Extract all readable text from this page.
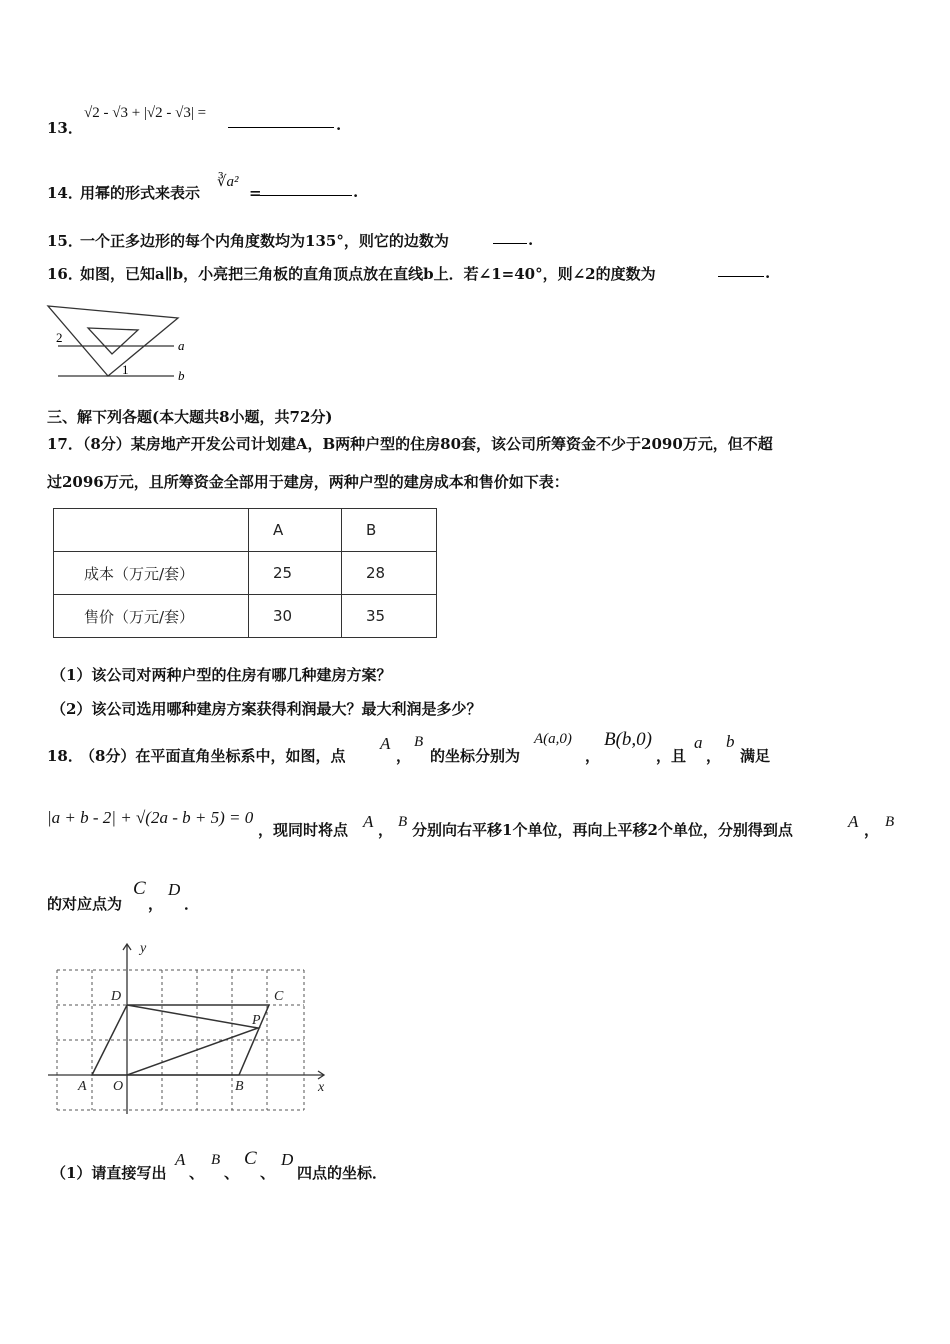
13．
√2 - √3 + |√2 - √3| =
.
14．
用幂的形式来表示
∛a²
=	.
15．
一个正多边形的每个内角度数均为135°，则它的边数为	.
16．
如图，已知a∥b，小亮把三角板的直角顶点放在直线b上．若∠1=40°，则∠2的度数为	.
2
1
a
b
三、解下列各题(本大题共8小题，共72分)
17．（8分）某房地产开发公司计划建A，B两种户型的住房80套，该公司所筹资金不少于2090万元，但不超
过2096万元，且所筹资金全部用于建房，两种户型的建房成本和售价如下表：
	A	B
成本（万元/套）	25	28
售价（万元/套）	30	35
（1）该公司对两种户型的住房有哪几种建房方案？
（2）该公司选用哪种建房方案获得利润最大？最大利润是多少？
18．
（8分）在平面直角坐标系中，如图，点
A
，
B
的坐标分别为
A(a,0)
，
B(b,0)
，且
a
，
b
满足
|a + b - 2| + √(2a - b + 5) = 0
，现同时将点 A ， B 分别向右平移1个单位，再向上平移2个单位，分别得到点	A ， B
的对应点为
C
，
D
．
y
x
D	C
P
A O	B
（1）请直接写出
A
、
B
、
C
、
D
四点的坐标．
